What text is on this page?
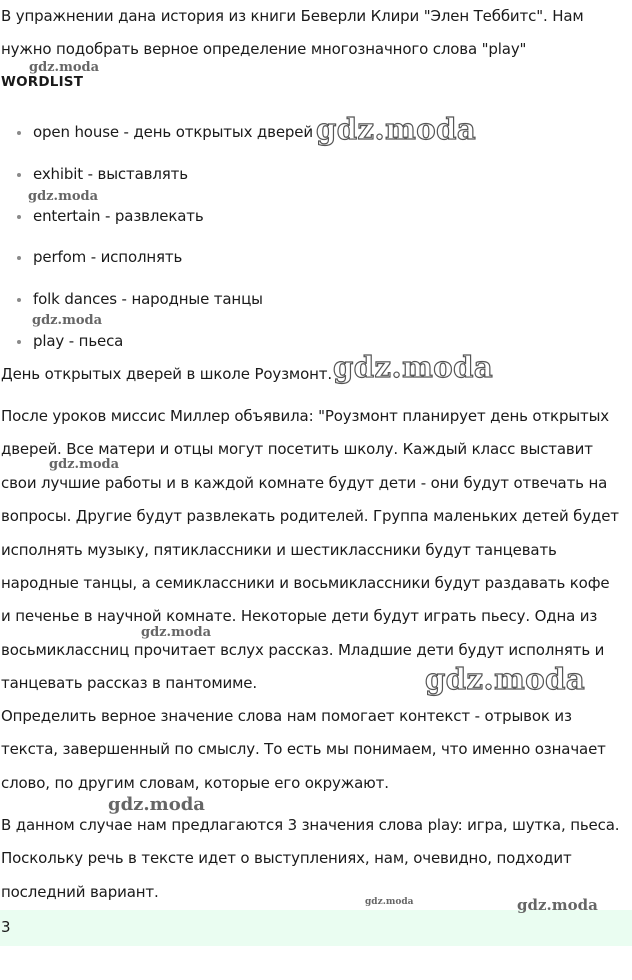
В упражнении дана история из книги Беверли Клири "Элен Теббитс". Нам

нужно подобрать верное определение многозначного слова "play"

WORDLIST

open house - день открытых дверей
exhibit - выставлять
entertain - развлекать
perfom - исполнять
folk dances - народные танцы
play - пьеса

День открытых дверей в школе Роузмонт.

После уроков миссис Миллер объявила: "Роузмонт планирует день открытых

дверей. Все матери и отцы могут посетить школу. Каждый класс выставит

свои лучшие работы и в каждой комнате будут дети - они будут отвечать на

вопросы. Другие будут развлекать родителей. Группа маленьких детей будет

исполнять музыку, пятиклассники и шестиклассники будут танцевать

народные танцы, а семиклассники и восьмиклассники будут раздавать кофе

и печенье в научной комнате. Некоторые дети будут играть пьесу. Одна из

восьмиклассниц прочитает вслух рассказ. Младшие дети будут исполнять и

танцевать рассказ в пантомиме.

Определить верное значение слова нам помогает контекст - отрывок из

текста, завершенный по смыслу. То есть мы понимаем, что именно означает

слово, по другим словам, которые его окружают.

В данном случае нам предлагаются 3 значения слова play: игра, шутка, пьеса.

Поскольку речь в тексте идет о выступлениях, нам, очевидно, подходит

последний вариант.

3
gdz.moda
gdz.moda
gdz.moda
gdz.moda
gdz.moda
gdz.moda
gdz.moda
gdz.moda
gdz.moda
gdz.moda	gdz.moda
